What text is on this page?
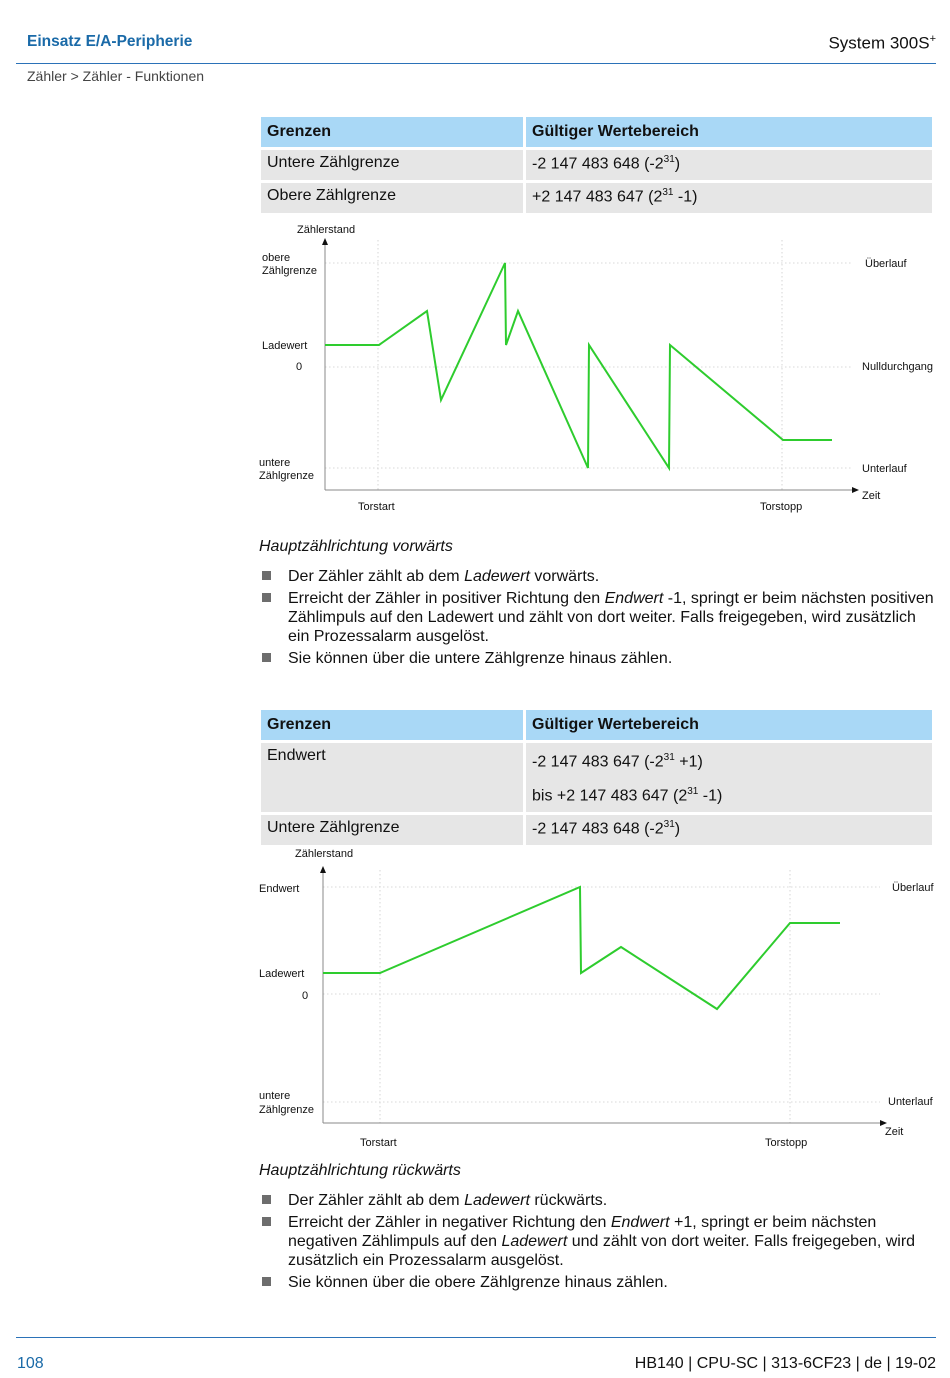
Einsatz E/A-Peripherie	System 300S+
Zähler > Zähler - Funktionen
Grenzen	Gültiger Wertebereich
Untere Zählgrenze	-2 147 483 648 $(-2^{31})$
Obere Zählgrenze	+2 147 483 647 ($2^{31}$ -1)
Zählerstand
obere
Zählgrenze
Ladewert
0
untere
Zählgrenze
Überlauf
Nulldurchgang
Unterlauf
Zeit
Torstart	Torstopp
Hauptzählrichtung vorwärts
Der Zähler zählt ab dem Ladewert vorwärts.
Erreicht der Zähler in positiver Richtung den Endwert -1, springt er beim nächsten positiven Zählimpuls auf den Ladewert und zählt von dort weiter. Falls freigegeben, wird zusätzlich ein Prozessalarm ausgelöst.
Sie können über die untere Zählgrenze hinaus zählen.
Grenzen	Gültiger Wertebereich
Endwert	-2 147 483 647 $(-2^{31} +1)$
bis +2 147 483 647 ($2^{31}$ -1)

Untere Zählgrenze	-2 147 483 648 $(-2^{31})$
Zählerstand
Endwert
Ladewert
0
untere
Zählgrenze
Überlauf
Unterlauf
Zeit
Torstart	Torstopp
Hauptzählrichtung rückwärts
Der Zähler zählt ab dem Ladewert rückwärts.
Erreicht der Zähler in negativer Richtung den Endwert +1, springt er beim nächsten negativen Zählimpuls auf den Ladewert und zählt von dort weiter. Falls freigegeben, wird zusätzlich ein Prozessalarm ausgelöst.
Sie können über die obere Zählgrenze hinaus zählen.
108	HB140 | CPU-SC | 313-6CF23 | de | 19-02
